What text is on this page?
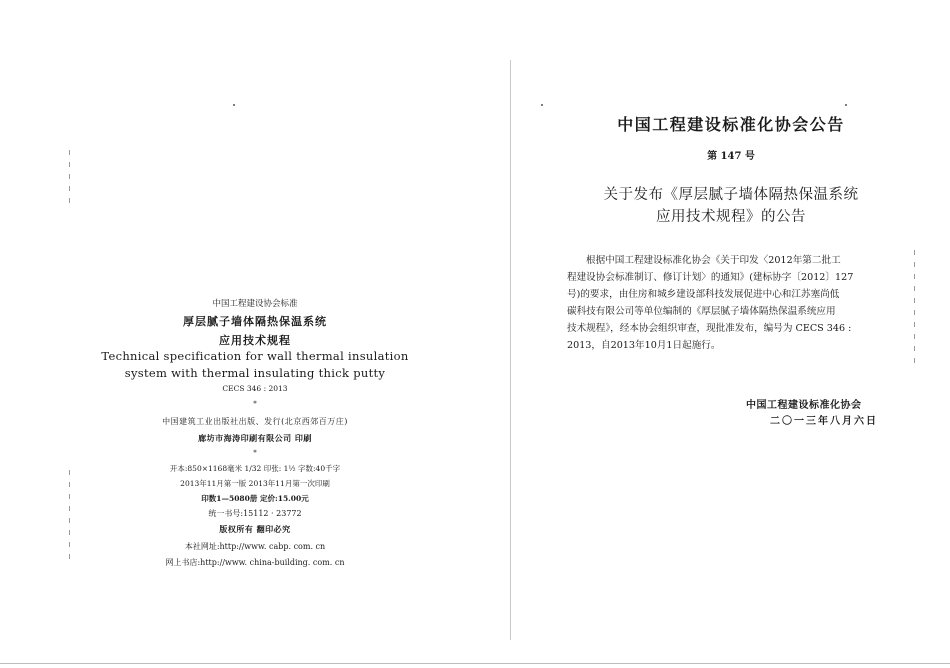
中国工程建设协会标准
厚层腻子墙体隔热保温系统
应用技术规程
Technical specification for wall thermal insulation
system with thermal insulating thick putty
CECS 346 : 2013
*
中国建筑工业出版社出版、发行(北京西郊百万庄)
廊坊市海涛印刷有限公司 印刷
*
开本:850×1168毫米 1/32 印张: 1½ 字数:40千字
2013年11月第一版 2013年11月第一次印刷
印数1—5080册 定价:15.00元
统一书号:15112 · 23772
版权所有 翻印必究
本社网址:http://www. cabp. com. cn
网上书店:http://www. china-building. com. cn
中国工程建设标准化协会公告
第 147 号
关于发布《厚层腻子墙体隔热保温系统
应用技术规程》的公告
根据中国工程建设标准化协会《关于印发〈2012年第二批工
程建设协会标准制订、修订计划〉的通知》(建标协字〔2012〕127
号)的要求，由住房和城乡建设部科技发展促进中心和江苏塞尚低
碳科技有限公司等单位编制的《厚层腻子墙体隔热保温系统应用
技术规程》，经本协会组织审查，现批准发布，编号为 CECS 346 :
2013，自2013年10月1日起施行。
中国工程建设标准化协会
二〇一三年八月六日
